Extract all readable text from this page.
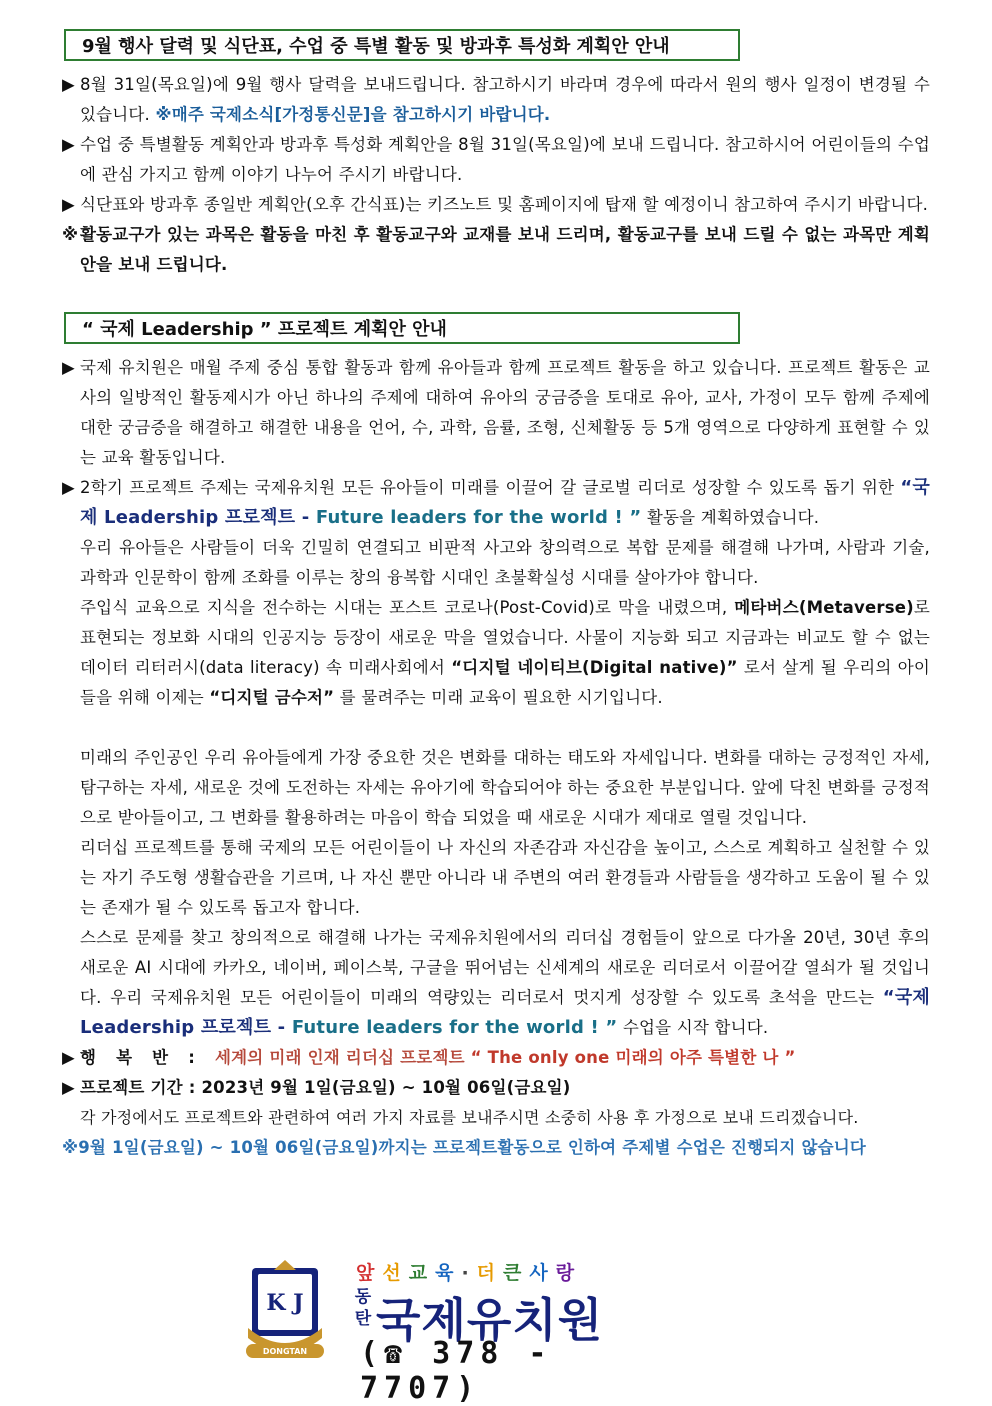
9월 행사 달력 및 식단표, 수업 중 특별 활동 및 방과후 특성화 계획안 안내
▶ 8월 31일(목요일)에 9월 행사 달력을 보내드립니다. 참고하시기 바라며 경우에 따라서 원의 행사 일정이 변경될 수 있습니다. ※매주 국제소식[가정통신문]을 참고하시기 바랍니다.
▶ 수업 중 특별활동 계획안과 방과후 특성화 계획안을 8월 31일(목요일)에 보내 드립니다. 참고하시어 어린이들의 수업에 관심 가지고 함께 이야기 나누어 주시기 바랍니다.
▶ 식단표와 방과후 종일반 계획안(오후 간식표)는 키즈노트 및 홈페이지에 탑재 할 예정이니 참고하여 주시기 바랍니다.
※ 활동교구가 있는 과목은 활동을 마친 후 활동교구와 교재를 보내 드리며, 활동교구를 보내 드릴 수 없는 과목만 계획안을 보내 드립니다.
“ 국제 Leadership ” 프로젝트 계획안 안내
▶ 국제 유치원은 매월 주제 중심 통합 활동과 함께 유아들과 함께 프로젝트 활동을 하고 있습니다. 프로젝트 활동은 교사의 일방적인 활동제시가 아닌 하나의 주제에 대하여 유아의 궁금증을 토대로 유아, 교사, 가정이 모두 함께 주제에 대한 궁금증을 해결하고 해결한 내용을 언어, 수, 과학, 음률, 조형, 신체활동 등 5개 영역으로 다양하게 표현할 수 있는 교육 활동입니다.
▶ 2학기 프로젝트 주제는 국제유치원 모든 유아들이 미래를 이끌어 갈 글로벌 리더로 성장할 수 있도록 돕기 위한 “국제 Leadership 프로젝트 - Future leaders for the world ! ” 활동을 계획하였습니다.
우리 유아들은 사람들이 더욱 긴밀히 연결되고 비판적 사고와 창의력으로 복합 문제를 해결해 나가며, 사람과 기술, 과학과 인문학이 함께 조화를 이루는 창의 융복합 시대인 초불확실성 시대를 살아가야 합니다.
주입식 교육으로 지식을 전수하는 시대는 포스트 코로나(Post-Covid)로 막을 내렸으며, 메타버스(Metaverse)로 표현되는 정보화 시대의 인공지능 등장이 새로운 막을 열었습니다. 사물이 지능화 되고 지금과는 비교도 할 수 없는 데이터 리터러시(data literacy) 속 미래사회에서 “디지털 네이티브(Digital native)” 로서 살게 될 우리의 아이들을 위해 이제는 “디지털 금수저” 를 물려주는 미래 교육이 필요한 시기입니다.
미래의 주인공인 우리 유아들에게 가장 중요한 것은 변화를 대하는 태도와 자세입니다. 변화를 대하는 긍정적인 자세, 탐구하는 자세, 새로운 것에 도전하는 자세는 유아기에 학습되어야 하는 중요한 부분입니다. 앞에 닥친 변화를 긍정적으로 받아들이고, 그 변화를 활용하려는 마음이 학습 되었을 때 새로운 시대가 제대로 열릴 것입니다.
리더십 프로젝트를 통해 국제의 모든 어린이들이 나 자신의 자존감과 자신감을 높이고, 스스로 계획하고 실천할 수 있는 자기 주도형 생활습관을 기르며, 나 자신 뿐만 아니라 내 주변의 여러 환경들과 사람들을 생각하고 도움이 될 수 있는 존재가 될 수 있도록 돕고자 합니다.
스스로 문제를 찾고 창의적으로 해결해 나가는 국제유치원에서의 리더십 경험들이 앞으로 다가올 20년, 30년 후의 새로운 AI 시대에 카카오, 네이버, 페이스북, 구글을 뛰어넘는 신세계의 새로운 리더로서 이끌어갈 열쇠가 될 것입니다. 우리 국제유치원 모든 어린이들이 미래의 역량있는 리더로서 멋지게 성장할 수 있도록 초석을 만드는 “국제 Leadership 프로젝트 - Future leaders for the world ! ” 수업을 시작 합니다.
▶ 행 복 반 : 세계의 미래 인재 리더십 프로젝트 “ The only one 미래의 아주 특별한 나 ”
▶ 프로젝트 기간 : 2023년 9월 1일(금요일) ~ 10월 06일(금요일)
각 가정에서도 프로젝트와 관련하여 여러 가지 자료를 보내주시면 소중히 사용 후 가정으로 보내 드리겠습니다.
※9월 1일(금요일) ~ 10월 06일(금요일)까지는 프로젝트활동으로 인하여 주제별 수업은 진행되지 않습니다
DONGTAN
K J
앞 선 교 육 · 더 큰 사 랑
동
탄 국제유치원
(☎ 378 - 7707)
